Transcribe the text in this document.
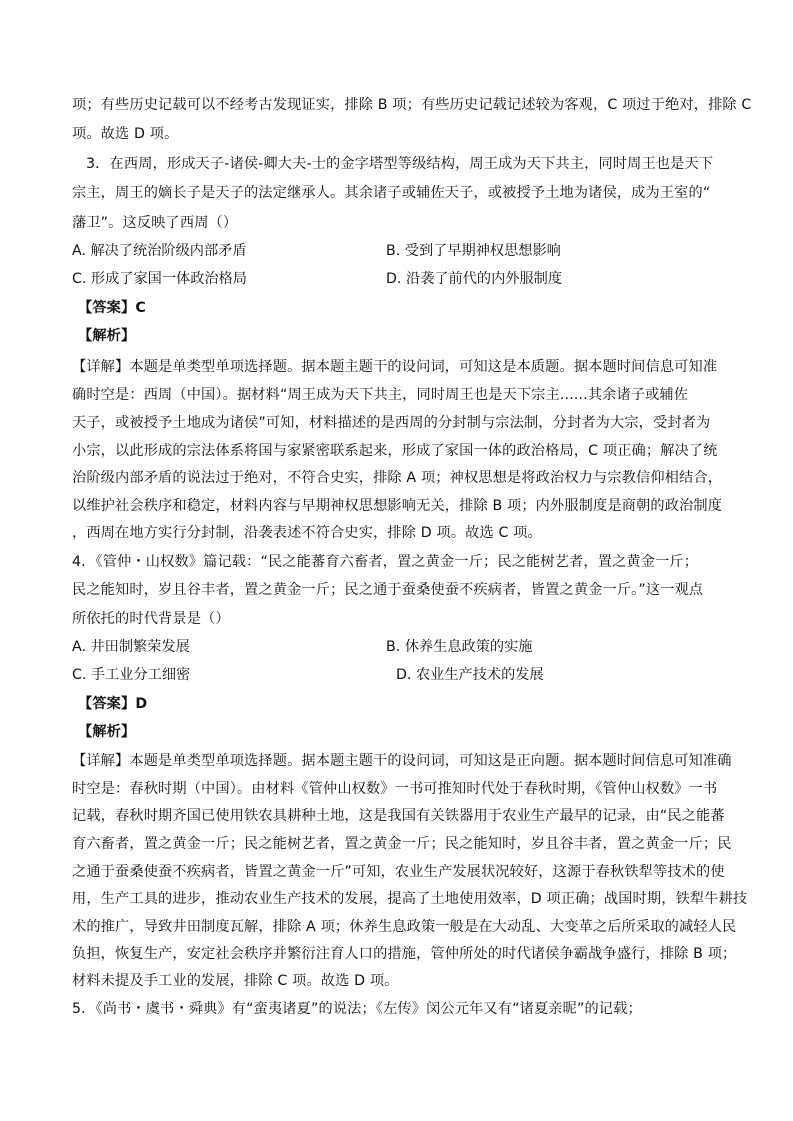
项；有些历史记载可以不经考古发现证实，排除 B 项；有些历史记载记述较为客观，C 项过于绝对，排除 C

项。故选 D 项。

3．在西周，形成天子-诸侯-卿大夫-士的金字塔型等级结构，周王成为天下共主，同时周王也是天下

宗主，周王的嫡长子是天子的法定继承人。其余诸子或辅佐天子，或被授予土地为诸侯，成为王室的“

藩卫”。这反映了西周（）

A. 解决了统治阶级内部矛盾	B. 受到了早期神权思想影响

C. 形成了家国一体政治格局	D. 沿袭了前代的内外服制度

【答案】C

【解析】

【详解】本题是单类型单项选择题。据本题主题干的设问词，可知这是本质题。据本题时间信息可知准

确时空是：西周（中国）。据材料“周王成为天下共主，同时周王也是天下宗主......其余诸子或辅佐

天子，或被授予土地成为诸侯”可知，材料描述的是西周的分封制与宗法制，分封者为大宗，受封者为

小宗，以此形成的宗法体系将国与家紧密联系起来，形成了家国一体的政治格局，C 项正确；解决了统

治阶级内部矛盾的说法过于绝对，不符合史实，排除 A 项；神权思想是将政治权力与宗教信仰相结合，

以维护社会秩序和稳定，材料内容与早期神权思想影响无关，排除 B 项；内外服制度是商朝的政治制度

，西周在地方实行分封制，沿袭表述不符合史实，排除 D 项。故选 C 项。

4．《管仲・山权数》篇记载：“民之能蕃育六畜者，置之黄金一斤；民之能树艺者，置之黄金一斤；

民之能知时，岁且谷丰者，置之黄金一斤；民之通于蚕桑使蚕不疾病者，皆置之黄金一斤。”这一观点

所依托的时代背景是（）

A. 井田制繁荣发展	B. 休养生息政策的实施

C. 手工业分工细密	D. 农业生产技术的发展

【答案】D

【解析】

【详解】本题是单类型单项选择题。据本题主题干的设问词，可知这是正向题。据本题时间信息可知准确

时空是：春秋时期（中国）。由材料《管仲山权数》一书可推知时代处于春秋时期，《管仲山权数》一书

记载，春秋时期齐国已使用铁农具耕种土地，这是我国有关铁器用于农业生产最早的记录，由“民之能蕃

育六畜者，置之黄金一斤；民之能树艺者，置之黄金一斤；民之能知时，岁且谷丰者，置之黄金一斤；民

之通于蚕桑使蚕不疾病者，皆置之黄金一斤”可知，农业生产发展状况较好，这源于春秋铁犁等技术的使

用，生产工具的进步，推动农业生产技术的发展，提高了土地使用效率，D 项正确；战国时期，铁犁牛耕技

术的推广，导致井田制度瓦解，排除 A 项；休养生息政策一般是在大动乱、大变革之后所采取的减轻人民

负担，恢复生产，安定社会秩序并繁衍注育人口的措施，管仲所处的时代诸侯争霸战争盛行，排除 B 项；

材料未提及手工业的发展，排除 C 项。故选 D 项。

5．《尚书・虞书・舜典》有“蛮夷诸夏”的说法；《左传》闵公元年又有“诸夏亲昵”的记载；
